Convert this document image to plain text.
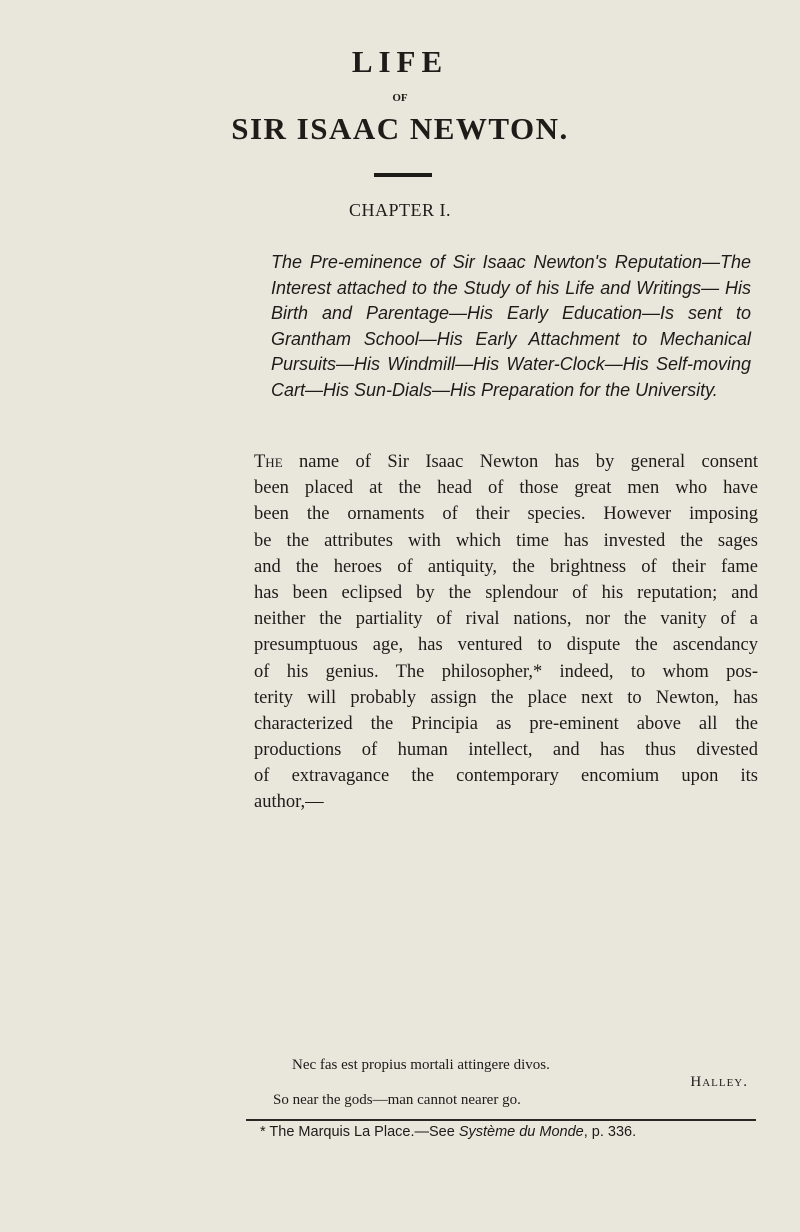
LIFE
OF
SIR ISAAC NEWTON.
CHAPTER I.
The Pre-eminence of Sir Isaac Newton's Reputation—The Interest attached to the Study of his Life and Writings— His Birth and Parentage—His Early Education—Is sent to Grantham School—His Early Attachment to Mechanical Pursuits—His Windmill—His Water-Clock—His Self-moving Cart—His Sun-Dials—His Preparation for the University.
The name of Sir Isaac Newton has by general consent
been placed at the head of those great men who have
been the ornaments of their species. However imposing
be the attributes with which time has invested the sages
and the heroes of antiquity, the brightness of their fame
has been eclipsed by the splendour of his reputation; and
neither the partiality of rival nations, nor the vanity of a
presumptuous age, has ventured to dispute the ascendancy
of his genius. The philosopher,* indeed, to whom pos-
terity will probably assign the place next to Newton, has
characterized the Principia as pre-eminent above all the
productions of human intellect, and has thus divested
of extravagance the contemporary encomium upon its
author,—
Nec fas est propius mortali attingere divos.
Halley.
So near the gods—man cannot nearer go.
* The Marquis La Place.—See Système du Monde, p. 336.
